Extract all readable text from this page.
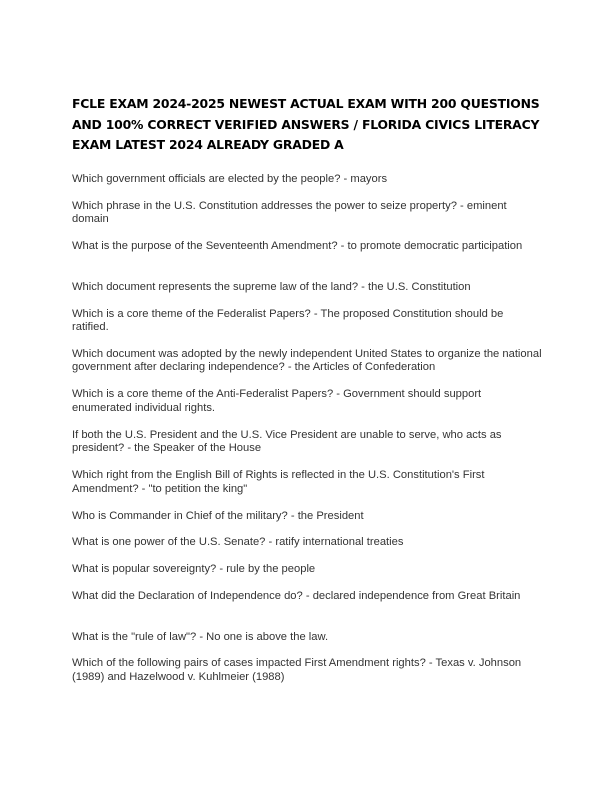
FCLE EXAM 2024-2025 NEWEST ACTUAL EXAM WITH 200 QUESTIONS AND 100% CORRECT VERIFIED ANSWERS / FLORIDA CIVICS LITERACY EXAM LATEST 2024 ALREADY GRADED A
Which government officials are elected by the people? - mayors
Which phrase in the U.S. Constitution addresses the power to seize property? - eminent domain
What is the purpose of the Seventeenth Amendment? - to promote democratic participation
Which document represents the supreme law of the land? - the U.S. Constitution
Which is a core theme of the Federalist Papers? - The proposed Constitution should be ratified.
Which document was adopted by the newly independent United States to organize the national government after declaring independence? - the Articles of Confederation
Which is a core theme of the Anti-Federalist Papers? - Government should support enumerated individual rights.
If both the U.S. President and the U.S. Vice President are unable to serve, who acts as president? - the Speaker of the House
Which right from the English Bill of Rights is reflected in the U.S. Constitution's First Amendment? - "to petition the king"
Who is Commander in Chief of the military? - the President
What is one power of the U.S. Senate? - ratify international treaties
What is popular sovereignty? - rule by the people
What did the Declaration of Independence do? - declared independence from Great Britain
What is the "rule of law"? - No one is above the law.
Which of the following pairs of cases impacted First Amendment rights? - Texas v. Johnson (1989) and Hazelwood v. Kuhlmeier (1988)
